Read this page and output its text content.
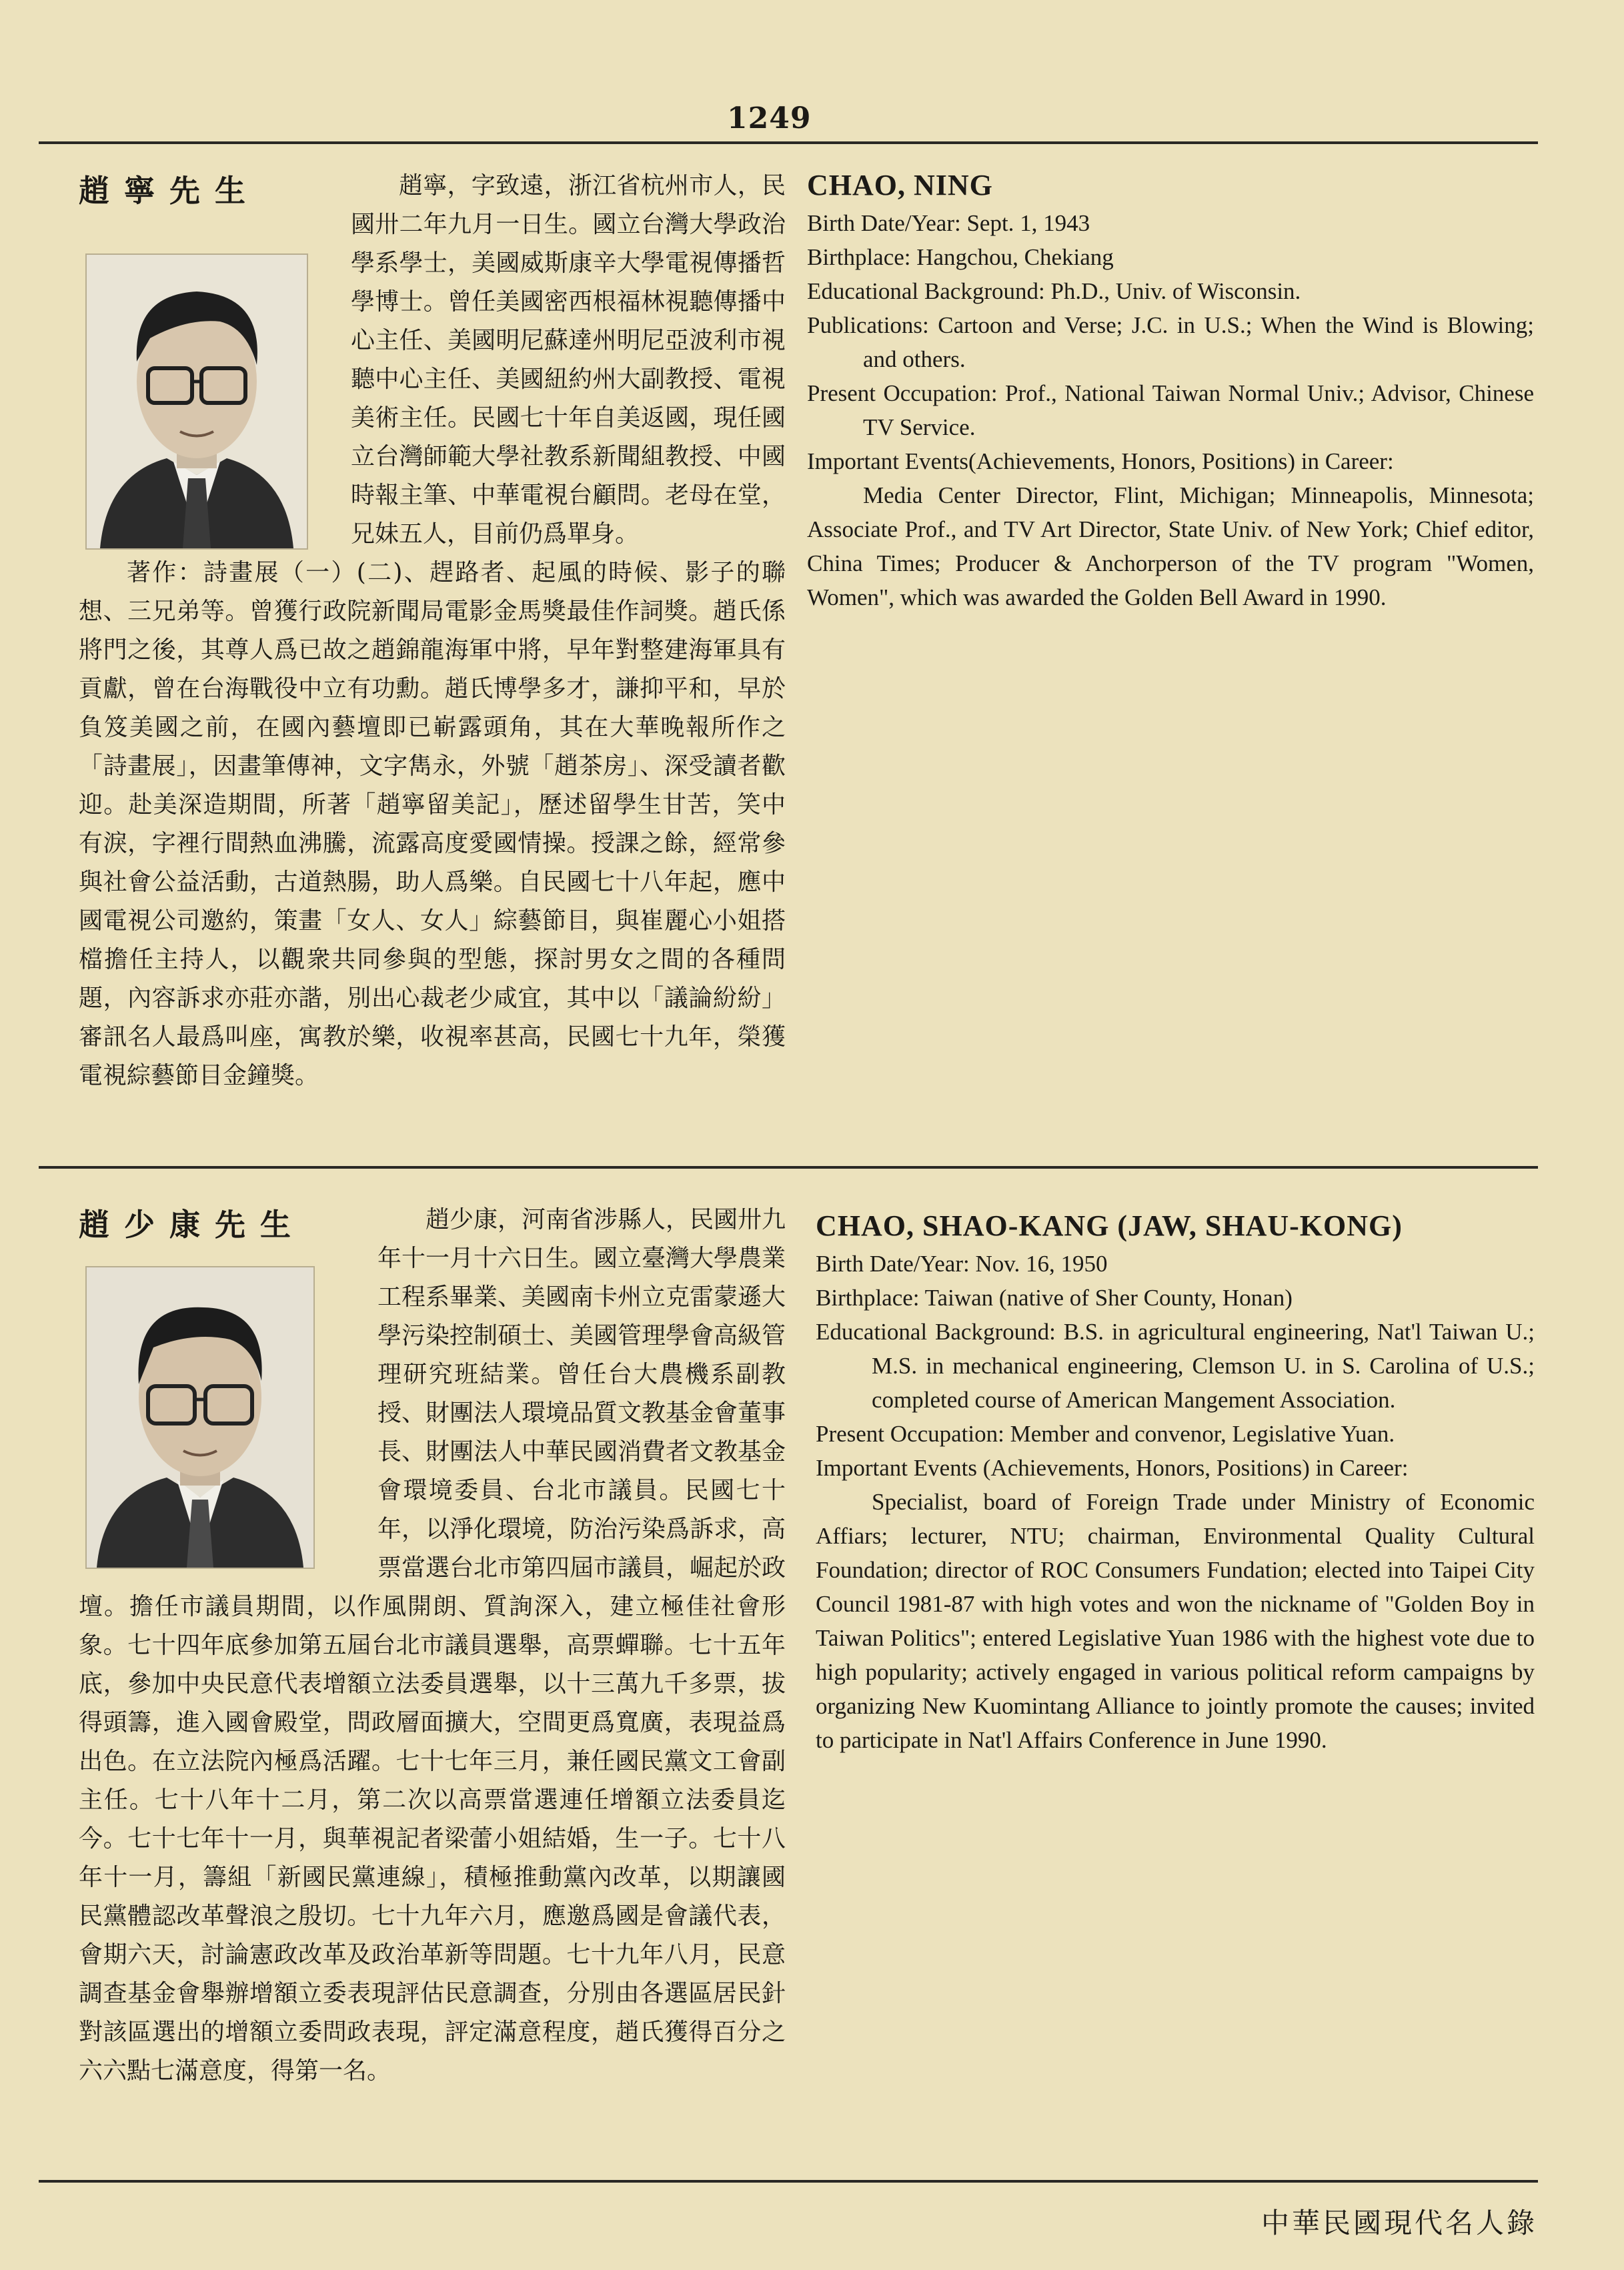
1249
趙寧先生	趙寧，字致遠，浙江省杭州市人，民國卅二年九月一日生。國立台灣大學政治學系學士，美國威斯康辛大學電視傳播哲學博士。曾任美國密西根福林視聽傳播中心主任、美國明尼蘇達州明尼亞波利市視聽中心主任、美國紐約州大副教授、電視美術主任。民國七十年自美返國，現任國立台灣師範大學社教系新聞組教授、中國時報主筆、中華電視台顧問。老母在堂，兄妹五人，目前仍爲單身。

著作：詩畫展（一）(二)、趕路者、起風的時候、影子的聯想、三兄弟等。曾獲行政院新聞局電影金馬獎最佳作詞獎。趙氏係將門之後，其尊人爲已故之趙錦龍海軍中將，早年對整建海軍具有貢獻，曾在台海戰役中立有功勳。趙氏博學多才，謙抑平和，早於負笈美國之前，在國內藝壇即已嶄露頭角，其在大華晚報所作之「詩畫展」，因畫筆傳神，文字雋永，外號「趙茶房」、深受讀者歡迎。赴美深造期間，所著「趙寧留美記」，歷述留學生甘苦，笑中有淚，字裡行間熱血沸騰，流露高度愛國情操。授課之餘，經常參與社會公益活動，古道熱腸，助人爲樂。自民國七十八年起，應中國電視公司邀約，策畫「女人、女人」綜藝節目，與崔麗心小姐搭檔擔任主持人，以觀衆共同參與的型態，探討男女之間的各種問題，內容訴求亦莊亦諧，別出心裁老少咸宜，其中以「議論紛紛」審訊名人最爲叫座，寓教於樂，收視率甚高，民國七十九年，榮獲電視綜藝節目金鐘獎。

CHAO, NING

Birth Date/Year: Sept. 1, 1943

Birthplace: Hangchou, Chekiang

Educational Background: Ph.D., Univ. of Wisconsin.

Publications: Cartoon and Verse; J.C. in U.S.; When the Wind is Blowing; and others.

Present Occupation: Prof., National Taiwan Normal Univ.; Advisor, Chinese TV Service.

Important Events(Achievements, Honors, Positions) in Career:

Media Center Director, Flint, Michigan; Minneapolis, Minnesota; Associate Prof., and TV Art Director, State Univ. of New York; Chief editor, China Times; Producer & Anchorperson of the TV program "Women, Women", which was awarded the Golden Bell Award in 1990.

趙少康先生	趙少康，河南省涉縣人，民國卅九年十一月十六日生。國立臺灣大學農業工程系畢業、美國南卡州立克雷蒙遜大學污染控制碩士、美國管理學會高級管理研究班結業。曾任台大農機系副教授、財團法人環境品質文教基金會董事長、財團法人中華民國消費者文教基金會環境委員、台北市議員。民國七十年，以淨化環境，防治污染爲訴求，高票當選台北市第四屆市議員，崛起於政壇。擔任市議員期間，以作風開朗、質詢深入，建立極佳社會形象。七十四年底參加第五屆台北市議員選舉，高票蟬聯。七十五年底，參加中央民意代表增額立法委員選舉，以十三萬九千多票，拔得頭籌，進入國會殿堂，問政層面擴大，空間更爲寬廣，表現益爲出色。在立法院內極爲活躍。七十七年三月，兼任國民黨文工會副主任。七十八年十二月，第二次以高票當選連任增額立法委員迄今。七十七年十一月，與華視記者梁蕾小姐結婚，生一子。七十八年十一月，籌組「新國民黨連線」，積極推動黨內改革，以期讓國民黨體認改革聲浪之殷切。七十九年六月，應邀爲國是會議代表，會期六天，討論憲政改革及政治革新等問題。七十九年八月，民意調查基金會舉辦增額立委表現評估民意調查，分別由各選區居民針對該區選出的增額立委問政表現，評定滿意程度，趙氏獲得百分之六六點七滿意度，得第一名。

CHAO, SHAO-KANG (JAW, SHAU-KONG)

Birth Date/Year: Nov. 16, 1950

Birthplace: Taiwan (native of Sher County, Honan)

Educational Background: B.S. in agricultural engineering, Nat'l Taiwan U.; M.S. in mechanical engineering, Clemson U. in S. Carolina of U.S.; completed course of American Mangement Association.

Present Occupation: Member and convenor, Legislative Yuan.

Important Events (Achievements, Honors, Positions) in Career:

Specialist, board of Foreign Trade under Ministry of Economic Affiars; lecturer, NTU; chairman, Environmental Quality Cultural Foundation; director of ROC Consumers Fundation; elected into Taipei City Council 1981-87 with high votes and won the nickname of "Golden Boy in Taiwan Politics"; entered Legislative Yuan 1986 with the highest vote due to high popularity; actively engaged in various political reform campaigns by organizing New Kuomintang Alliance to jointly promote the causes; invited to participate in Nat'l Affairs Conference in June 1990.

中華民國現代名人錄
